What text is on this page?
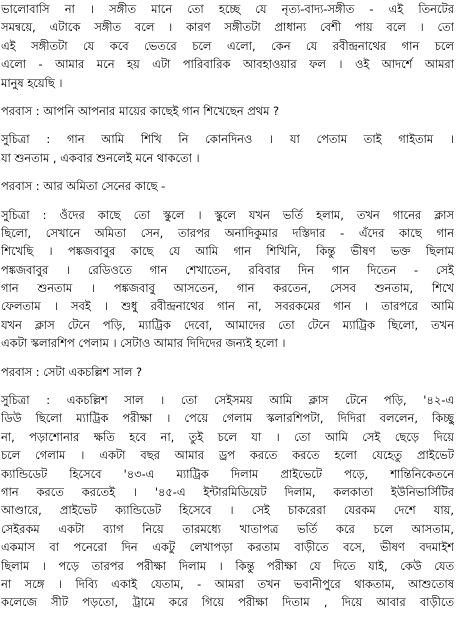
ভালোবাসি না । সঙ্গীত মানে তো হচ্ছে যে নৃত্য-বাদ্য-সঙ্গীত - এই তিনটের
সমন্বয়ে, এটাকে সঙ্গীত বলে । কারণ সঙ্গীতটা প্রাধান্য বেশী পায় বলে । তো
এই সঙ্গীতটা যে কবে ভেতরে চলে এলো, কেন যে রবীন্দ্রনাথের গান চলে
এলো - আমার মনে হয় এটা পারিবারিক আবহাওয়ার ফল । ওই আদর্শে আমরা
মানুষ হয়েছি ।
পরবাস : আপনি আপনার মায়ের কাছেই গান শিখেছেন প্রথম ?
সুচিত্রা : গান আমি শিখি নি কোনদিনও । যা পেতাম তাই গাইতাম ।
যা শুনতাম , একবার শুনলেই মনে থাকতো ।
পরবাস : আর অমিতা সেনের কাছে -
সুচিত্রা : ওঁদের কাছে তো স্কুলে । স্কুলে যখন ভর্তি হলাম, তখন গানের ক্লাস
ছিলো, সেখানে অমিতা সেন, তারপর অনাদিকুমার দস্তিদার - এঁদের কাছে গান
শিখেছি । পঙ্কজবাবুর কাছে যে আমি গান শিখিনি, কিন্তু ভীষণ ভক্ত ছিলাম
পঙ্কজবাবুর । রেডিওতে গান শেখাতেন, রবিবার দিন গান দিতেন - সেই
গান শুনতাম । পঙ্কজবাবু আসতেন, গান করতেন, সেসব শুনতাম, শিখে
ফেলতাম । সবই । শুধু রবীন্দ্রনাথের গান না, সবরকমের গান । তারপরে আমি
যখন ক্লাস টেনে পড়ি, ম্যাট্রিক দেবো, আমাদের তো টেনে ম্যাট্রিক ছিলো, তখন
একটা স্কলারশিপ পেলাম । সেটাও আমার দিদিদের জন্যই হলো ।
পরবাস : সেটা একচল্লিশ সাল ?
সুচিত্রা : একচল্লিশ সাল । তো সেইসময় আমি ক্লাস টেনে পড়ি, '৪২-এ
ডিউ ছিলো ম্যাট্রিক পরীক্ষা । পেয়ে গেলাম স্কলারশিপটা, দিদিরা বললেন, কিচ্ছু
না, পড়াশোনার ক্ষতি হবে না, তুই চলে যা । তো আমি সেই ছেড়ে দিয়ে
চলে গেলাম । একটা বছর আমার ড্রপ করতে করতে হলো যেহেতু প্রাইভেট
ক্যান্ডিডেট হিসেবে '৪৩-এ ম্যাট্রিক দিলাম প্রাইভেটে পড়ে, শান্তিনিকেতনে
গান করতে করতেই । '৪৫-এ ইন্টারমিডিয়েট দিলাম, কলকাতা ইউনিভার্সিটির
আণ্ডারে, প্রাইভেট ক্যান্ডিডেট হিসেবে । সেই চাকরেরা যেরকম দেশে যায়,
সেইরকম একটা ব্যাগ নিয়ে তারমধ্যে খাতাপত্র ভর্তি করে চলে আসতাম,
একমাস বা পনেরো দিন একটু লেখাপড়া করতাম বাড়ীতে বসে, ভীষণ বদমাইশ
ছিলাম । পড়ে তারপর পরীক্ষা দিলাম । কিন্তু পরীক্ষা যে দিতে যাই, কেউ যেত
না সঙ্গে । দিব্যি একাই যেতাম, - আমরা তখন ভবানীপুরে থাকতাম, আশুতোষ
কলেজে সীট পড়তো, ট্রামে করে গিয়ে পরীক্ষা দিতাম , দিয়ে আবার বাড়ীতে
